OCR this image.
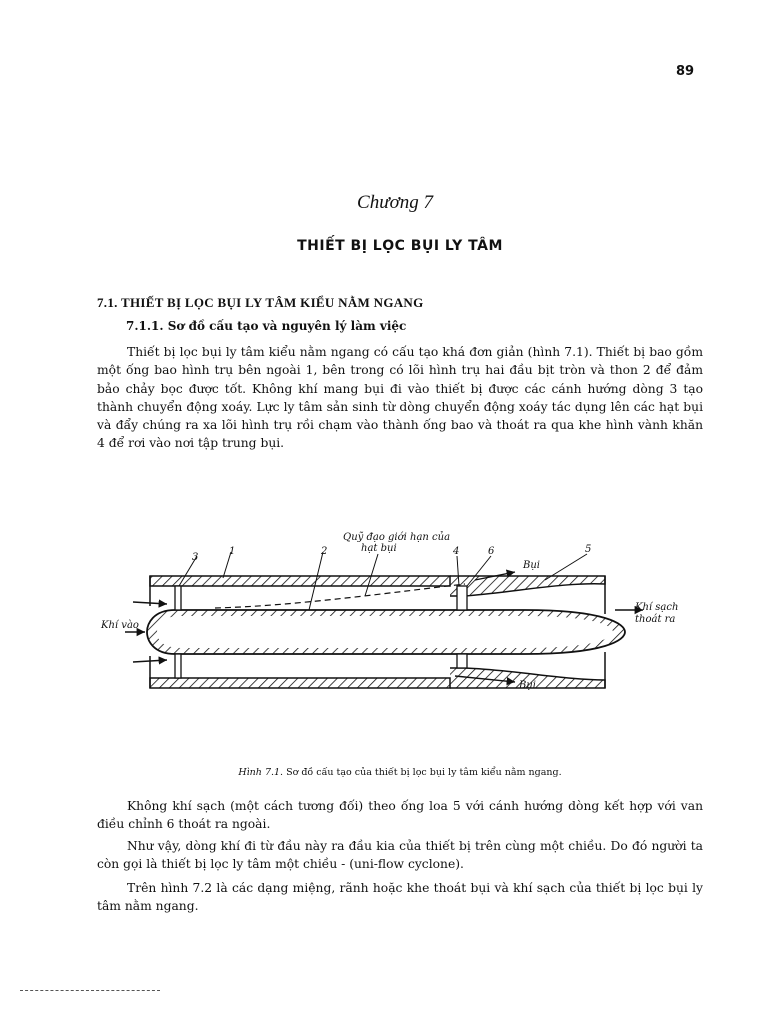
89
Chương 7
THIẾT BỊ LỌC BỤI LY TÂM
7.1. THIẾT BỊ LỌC BỤI LY TÂM KIỂU NẰM NGANG
7.1.1. Sơ đồ cấu tạo và nguyên lý làm việc

Thiết bị lọc bụi ly tâm kiểu nằm ngang có cấu tạo khá đơn giản (hình 7.1). Thiết bị bao gồm một ống bao hình trụ bên ngoài 1, bên trong có lõi hình trụ hai đầu bịt tròn và thon 2 để đảm bảo chảy bọc được tốt. Không khí mang bụi đi vào thiết bị được các cánh hướng dòng 3 tạo thành chuyển động xoáy. Lực ly tâm sản sinh từ dòng chuyển động xoáy tác dụng lên các hạt bụi và đẩy chúng ra xa lõi hình trụ rồi chạm vào thành ống bao và thoát ra qua khe hình vành khăn 4 để rơi vào nơi tập trung bụi.

Quỹ đạo giới hạn của
hạt bụi
3
1	2	4	6	5
Bụi
Bụi
Khí vào
Khí sạch
thoát ra
Hình 7.1. Sơ đồ cấu tạo của thiết bị lọc bụi ly tâm kiểu nằm ngang.

Không khí sạch (một cách tương đối) theo ống loa 5 với cánh hướng dòng kết hợp với van điều chỉnh 6 thoát ra ngoài.

Như vậy, dòng khí đi từ đầu này ra đầu kia của thiết bị trên cùng một chiều. Do đó người ta còn gọi là thiết bị lọc ly tâm một chiều - (uni-flow cyclone).

Trên hình 7.2 là các dạng miệng, rãnh hoặc khe thoát bụi và khí sạch của thiết bị lọc bụi ly tâm nằm ngang.
